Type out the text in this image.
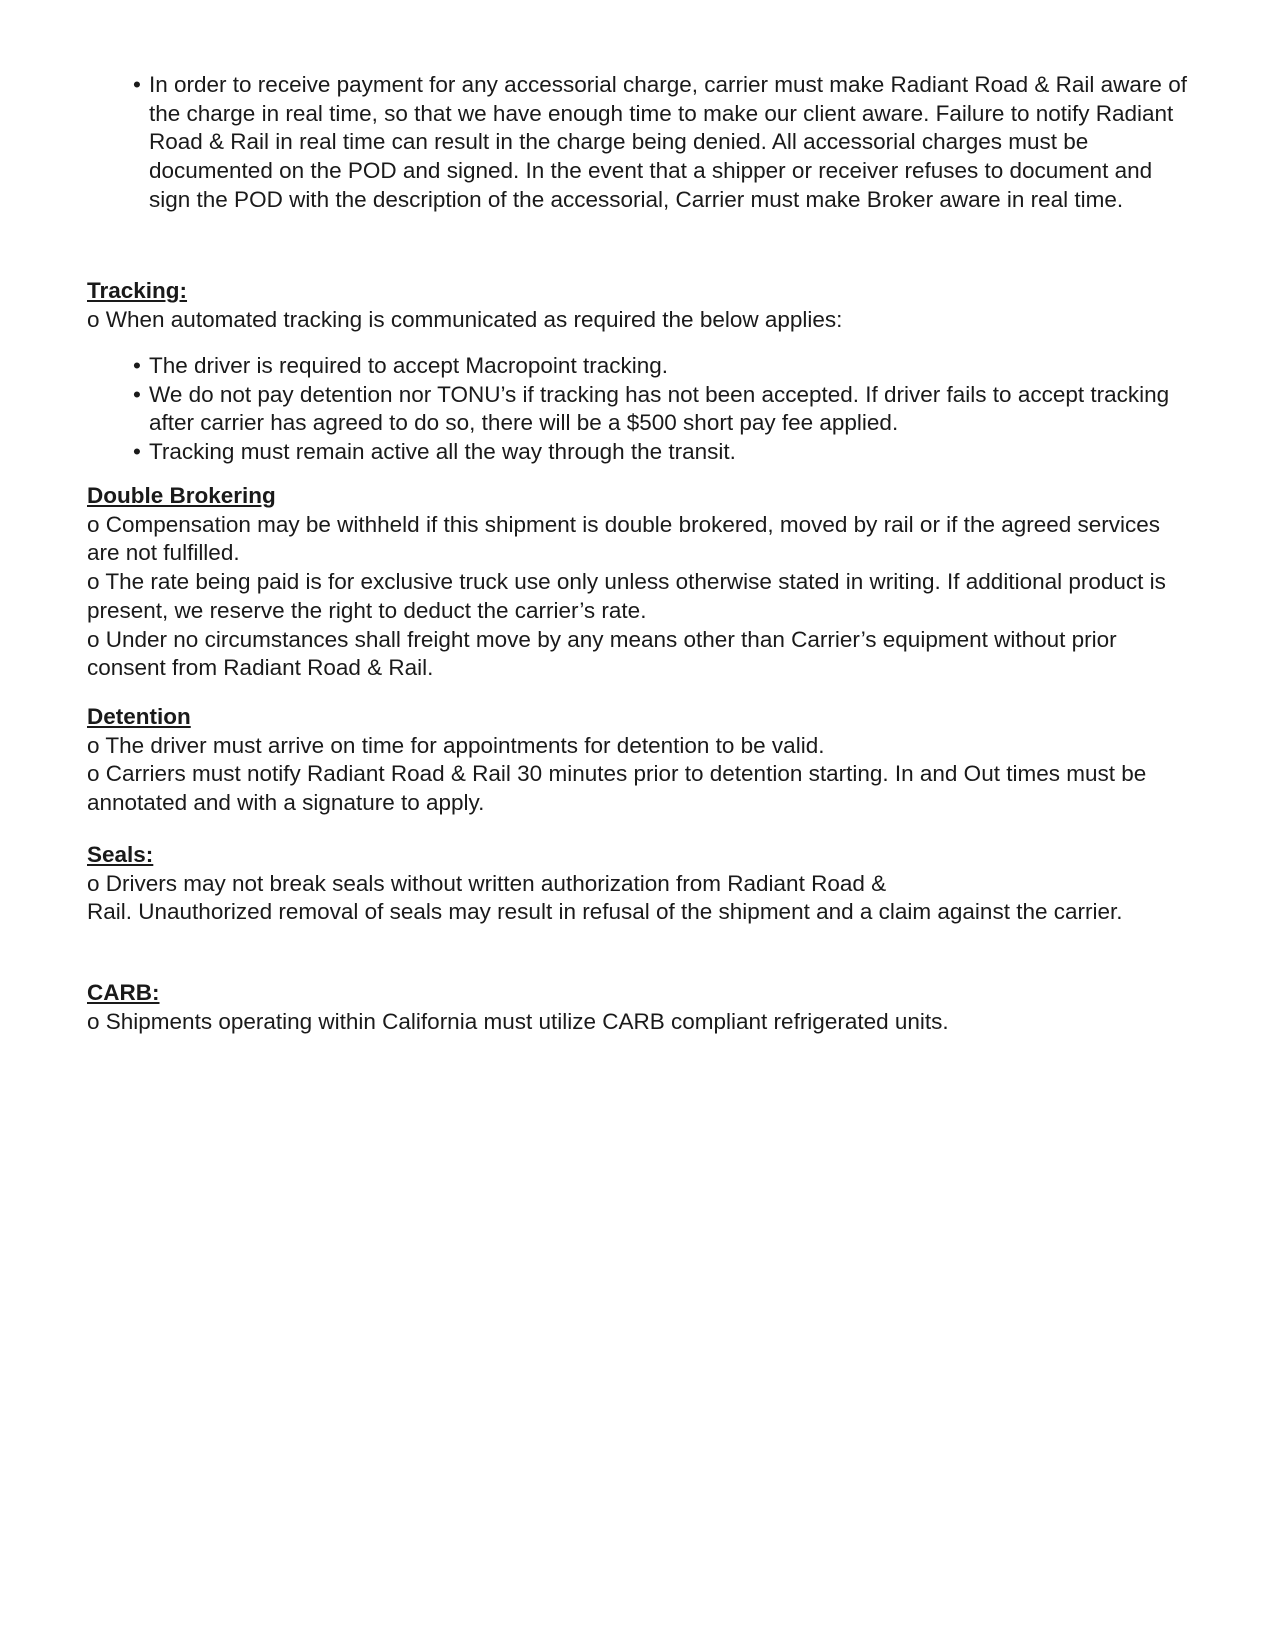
• In order to receive payment for any accessorial charge, carrier must make Radiant Road & Rail aware of the charge in real time, so that we have enough time to make our client aware. Failure to notify Radiant Road & Rail in real time can result in the charge being denied. All accessorial charges must be documented on the POD and signed. In the event that a shipper or receiver refuses to document and sign the POD with the description of the accessorial, Carrier must make Broker aware in real time.

Tracking:

o When automated tracking is communicated as required the below applies:

• The driver is required to accept Macropoint tracking.
• We do not pay detention nor TONU’s if tracking has not been accepted. If driver fails to accept tracking after carrier has agreed to do so, there will be a $500 short pay fee applied.
• Tracking must remain active all the way through the transit.

Double Brokering

o Compensation may be withheld if this shipment is double brokered, moved by rail or if the agreed services are not fulfilled.

o The rate being paid is for exclusive truck use only unless otherwise stated in writing. If additional product is present, we reserve the right to deduct the carrier’s rate.

o Under no circumstances shall freight move by any means other than Carrier’s equipment without prior consent from Radiant Road & Rail.

Detention

o The driver must arrive on time for appointments for detention to be valid.

o Carriers must notify Radiant Road & Rail 30 minutes prior to detention starting. In and Out times must be annotated and with a signature to apply.

Seals:

o Drivers may not break seals without written authorization from Radiant Road &

Rail. Unauthorized removal of seals may result in refusal of the shipment and a claim against the carrier.

CARB:

o Shipments operating within California must utilize CARB compliant refrigerated units.
